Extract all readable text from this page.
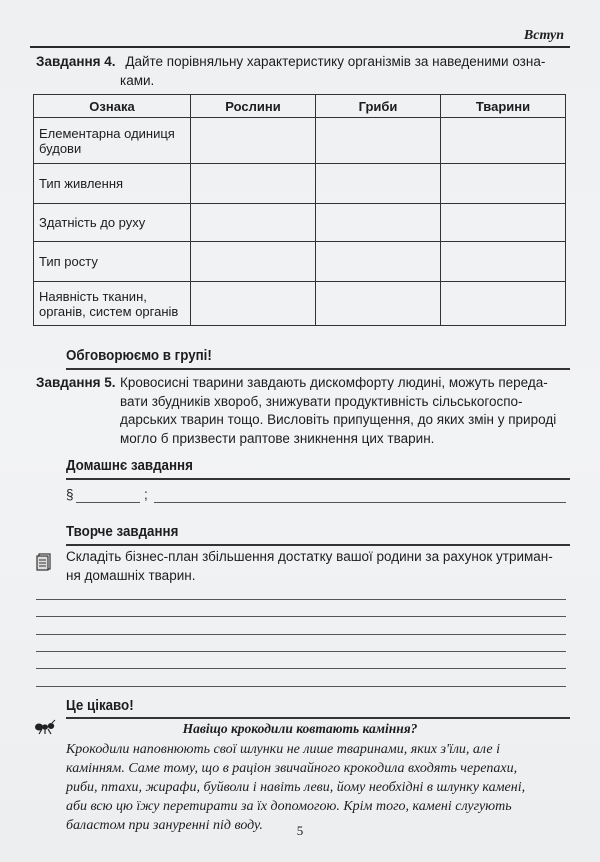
Вступ
Завдання 4. Дайте порівняльну характеристику організмів за наведеними озна-
ками.
Ознака	Рослини	Гриби	Тварини

Елементарна одиниця
будови			

Тип живлення			

Здатність до руху			

Тип росту			

Наявність тканин,
органів, систем органів			

Обговорюємо в групі!
Завдання 5. Кровосисні тварини завдають дискомфорту людині, можуть переда-
вати збудників хвороб, знижувати продуктивність сільськогоспо-
дарських тварин тощо. Висловіть припущення, до яких змін у природі
могло б призвести раптове зникнення цих тварин.
Домашнє завдання
§	;
Творче завдання
Складіть бізнес-план збільшення достатку вашої родини за рахунок утриман-
ня домашніх тварин.
Це цікаво!
Навіщо крокодили ковтають каміння?
Крокодили наповнюють свої шлунки не лише тваринами, яких з'їли, але і
камінням. Саме тому, що в раціон звичайного крокодила входять черепахи,
риби, птахи, жирафи, буйволи і навіть леви, йому необхідні в шлунку камені,
аби всю цю їжу перетирати за їх допомогою. Крім того, камені слугують
баластом при зануренні під воду.	5
